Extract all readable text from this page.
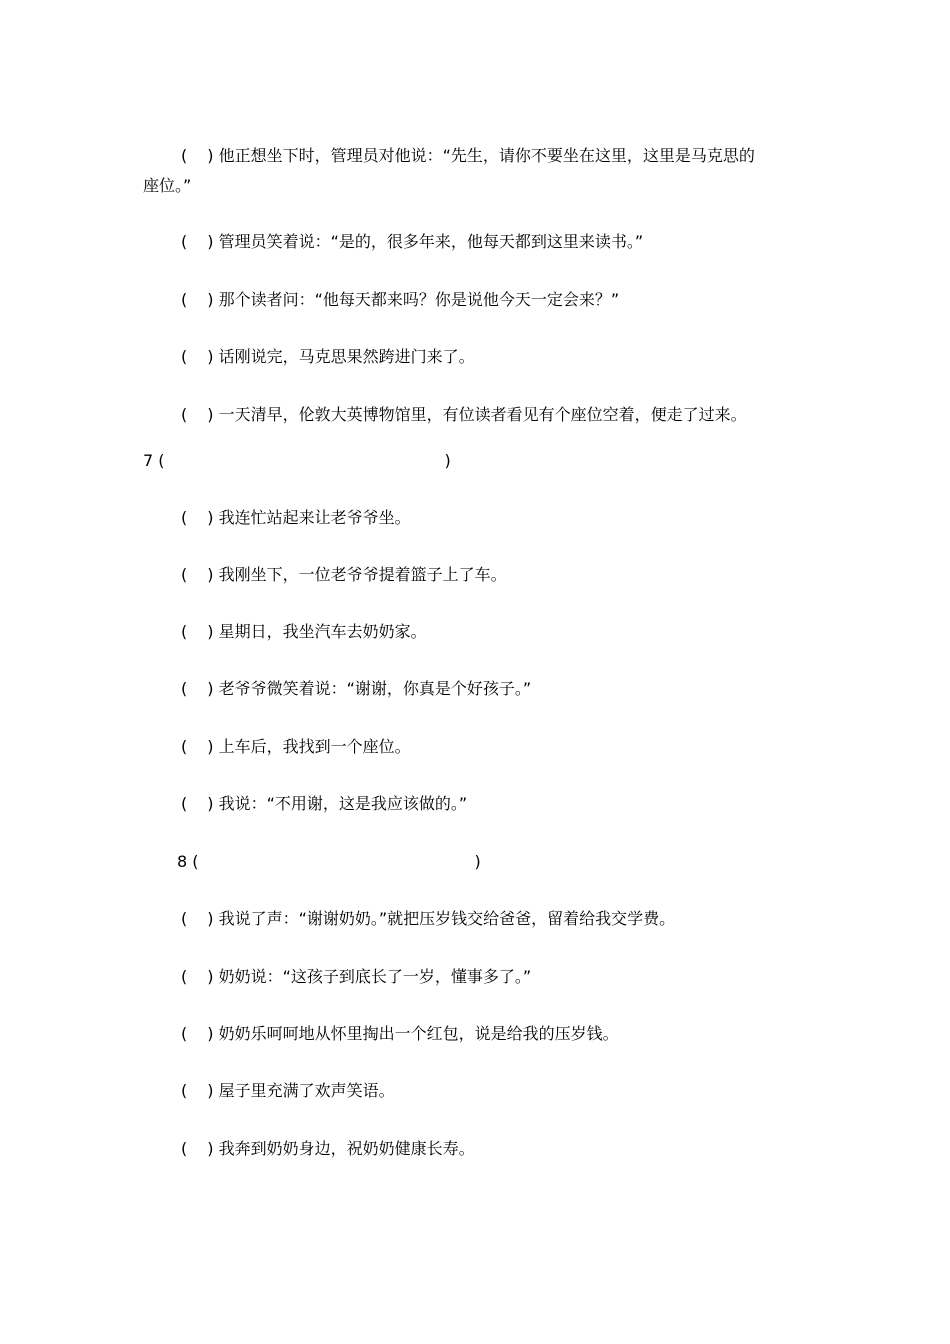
( ) 他正想坐下时，管理员对他说：“先生，请你不要坐在这里，这里是马克思的
座位。”
( ) 管理员笑着说：“是的，很多年来，他每天都到这里来读书。”
( ) 那个读者问：“他每天都来吗？你是说他今天一定会来？”
( ) 话刚说完，马克思果然跨进门来了。
( ) 一天清早，伦敦大英博物馆里，有位读者看见有个座位空着，便走了过来。
7 (	)
( ) 我连忙站起来让老爷爷坐。
( ) 我刚坐下，一位老爷爷提着篮子上了车。
( ) 星期日，我坐汽车去奶奶家。
( ) 老爷爷微笑着说：“谢谢，你真是个好孩子。”
( ) 上车后，我找到一个座位。
( ) 我说：“不用谢，这是我应该做的。”
8 (	)
( ) 我说了声：“谢谢奶奶。”就把压岁钱交给爸爸，留着给我交学费。
( ) 奶奶说：“这孩子到底长了一岁，懂事多了。”
( ) 奶奶乐呵呵地从怀里掏出一个红包，说是给我的压岁钱。
( ) 屋子里充满了欢声笑语。
( ) 我奔到奶奶身边，祝奶奶健康长寿。
